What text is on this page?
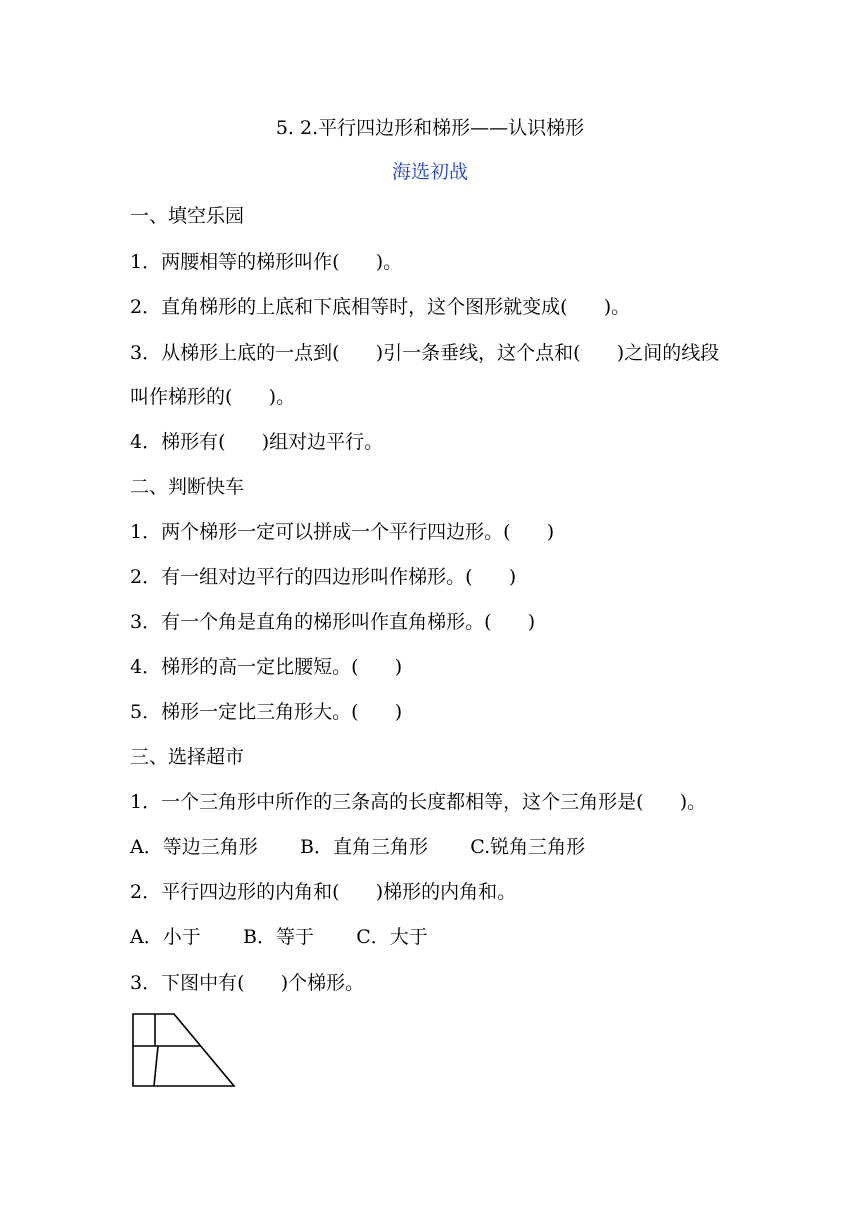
5. 2.平行四边形和梯形——认识梯形
海选初战
一、填空乐园
1．两腰相等的梯形叫作(      )。
2．直角梯形的上底和下底相等时，这个图形就变成(      )。
3．从梯形上底的一点到(      )引一条垂线，这个点和(      )之间的线段
叫作梯形的(      )。
4．梯形有(      )组对边平行。
二、判断快车
1．两个梯形一定可以拼成一个平行四边形。(      )
2．有一组对边平行的四边形叫作梯形。(      )
3．有一个角是直角的梯形叫作直角梯形。(      )
4．梯形的高一定比腰短。(      )
5．梯形一定比三角形大。(      )
三、选择超市
1．一个三角形中所作的三条高的长度都相等，这个三角形是(      )。
A．等边三角形       B．直角三角形       C.锐角三角形
2．平行四边形的内角和(      )梯形的内角和。
A．小于       B．等于       C．大于
3．下图中有(      )个梯形。
